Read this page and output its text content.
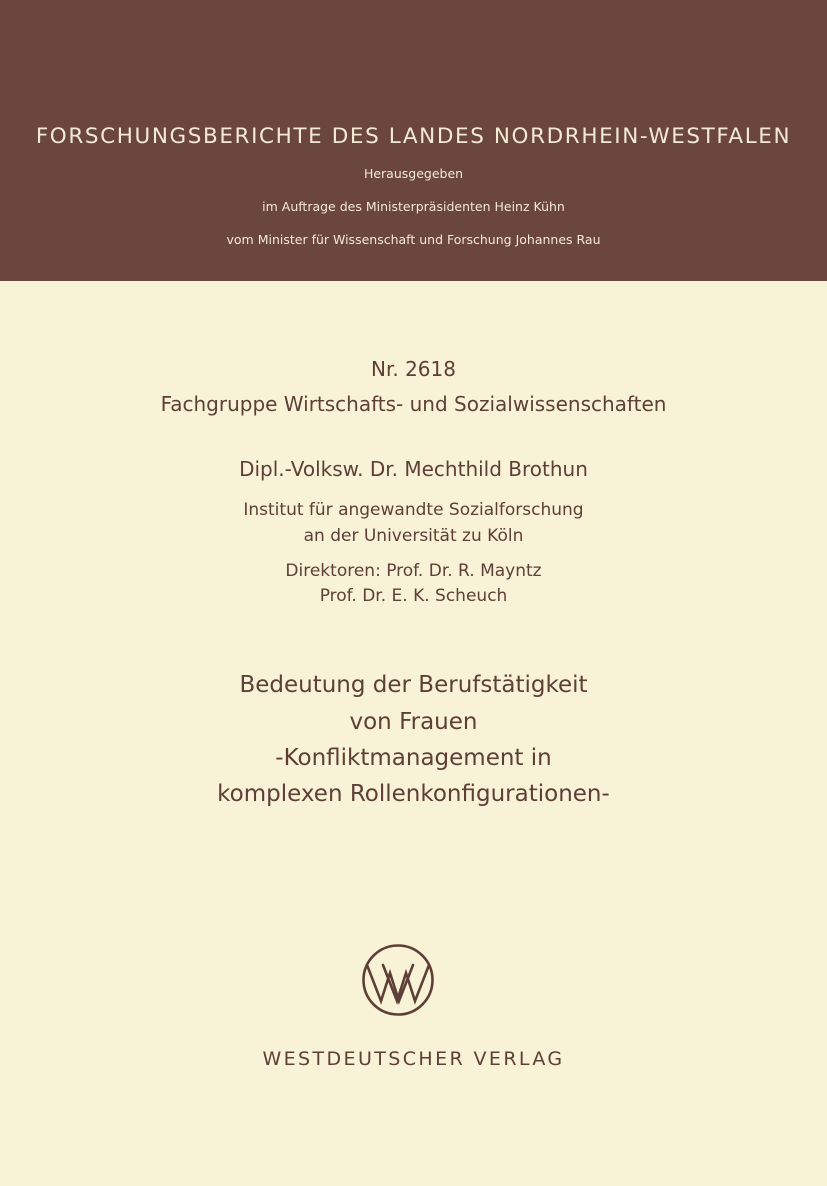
FORSCHUNGSBERICHTE DES LANDES NORDRHEIN-WESTFALEN
Herausgegeben
im Auftrage des Ministerpräsidenten Heinz Kühn
vom Minister für Wissenschaft und Forschung Johannes Rau
Nr. 2618
Fachgruppe Wirtschafts- und Sozialwissenschaften
Dipl.-Volksw. Dr. Mechthild Brothun
Institut für angewandte Sozialforschung
an der Universität zu Köln
Direktoren: Prof. Dr. R. Mayntz
Prof. Dr. E. K. Scheuch
Bedeutung der Berufstätigkeit
von Frauen
-Konfliktmanagement in
komplexen Rollenkonfigurationen-
WESTDEUTSCHER VERLAG
